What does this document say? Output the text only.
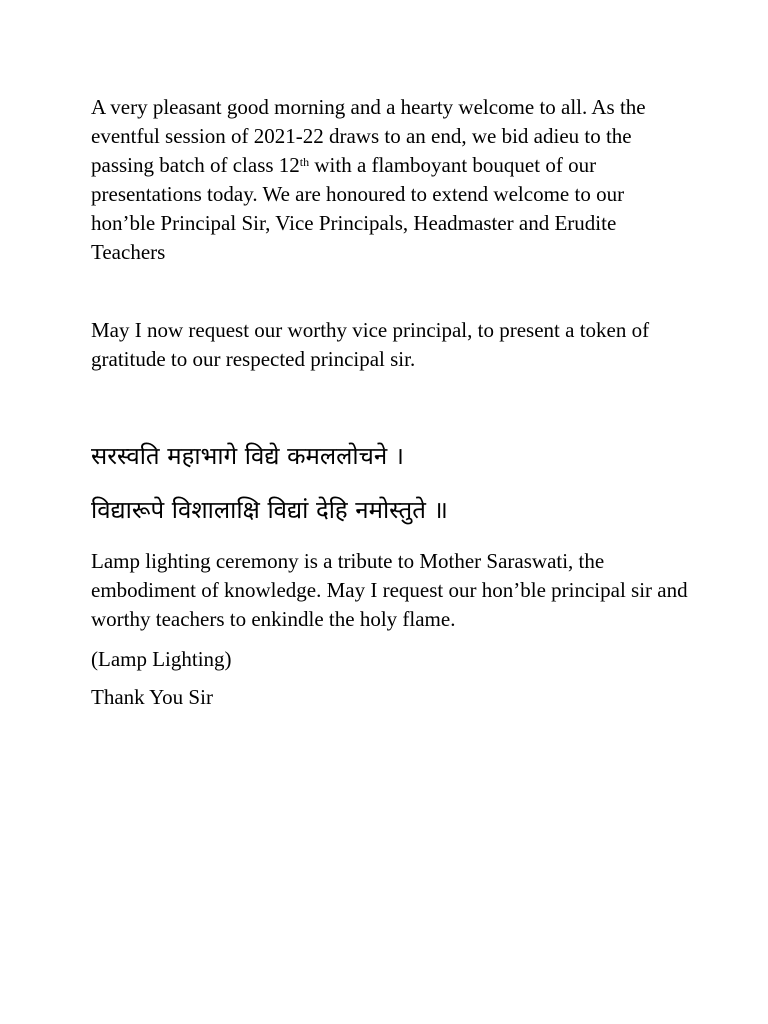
A very pleasant good morning and a hearty welcome to all. As the eventful session of 2021-22 draws to an end, we bid adieu to the passing batch of class 12th with a flamboyant bouquet of our presentations today. We are honoured to extend welcome to our hon’ble Principal Sir, Vice Principals, Headmaster and Erudite Teachers

May I now request our worthy vice principal, to present a token of gratitude to our respected principal sir.

सरस्वति महाभागे विद्ये कमललोचने ।

विद्यारूपे विशालाक्षि विद्यां देहि नमोस्तुते ॥

Lamp lighting ceremony is a tribute to Mother Saraswati, the embodiment of knowledge. May I request our hon’ble principal sir and worthy teachers to enkindle the holy flame.

(Lamp Lighting)

Thank You Sir
